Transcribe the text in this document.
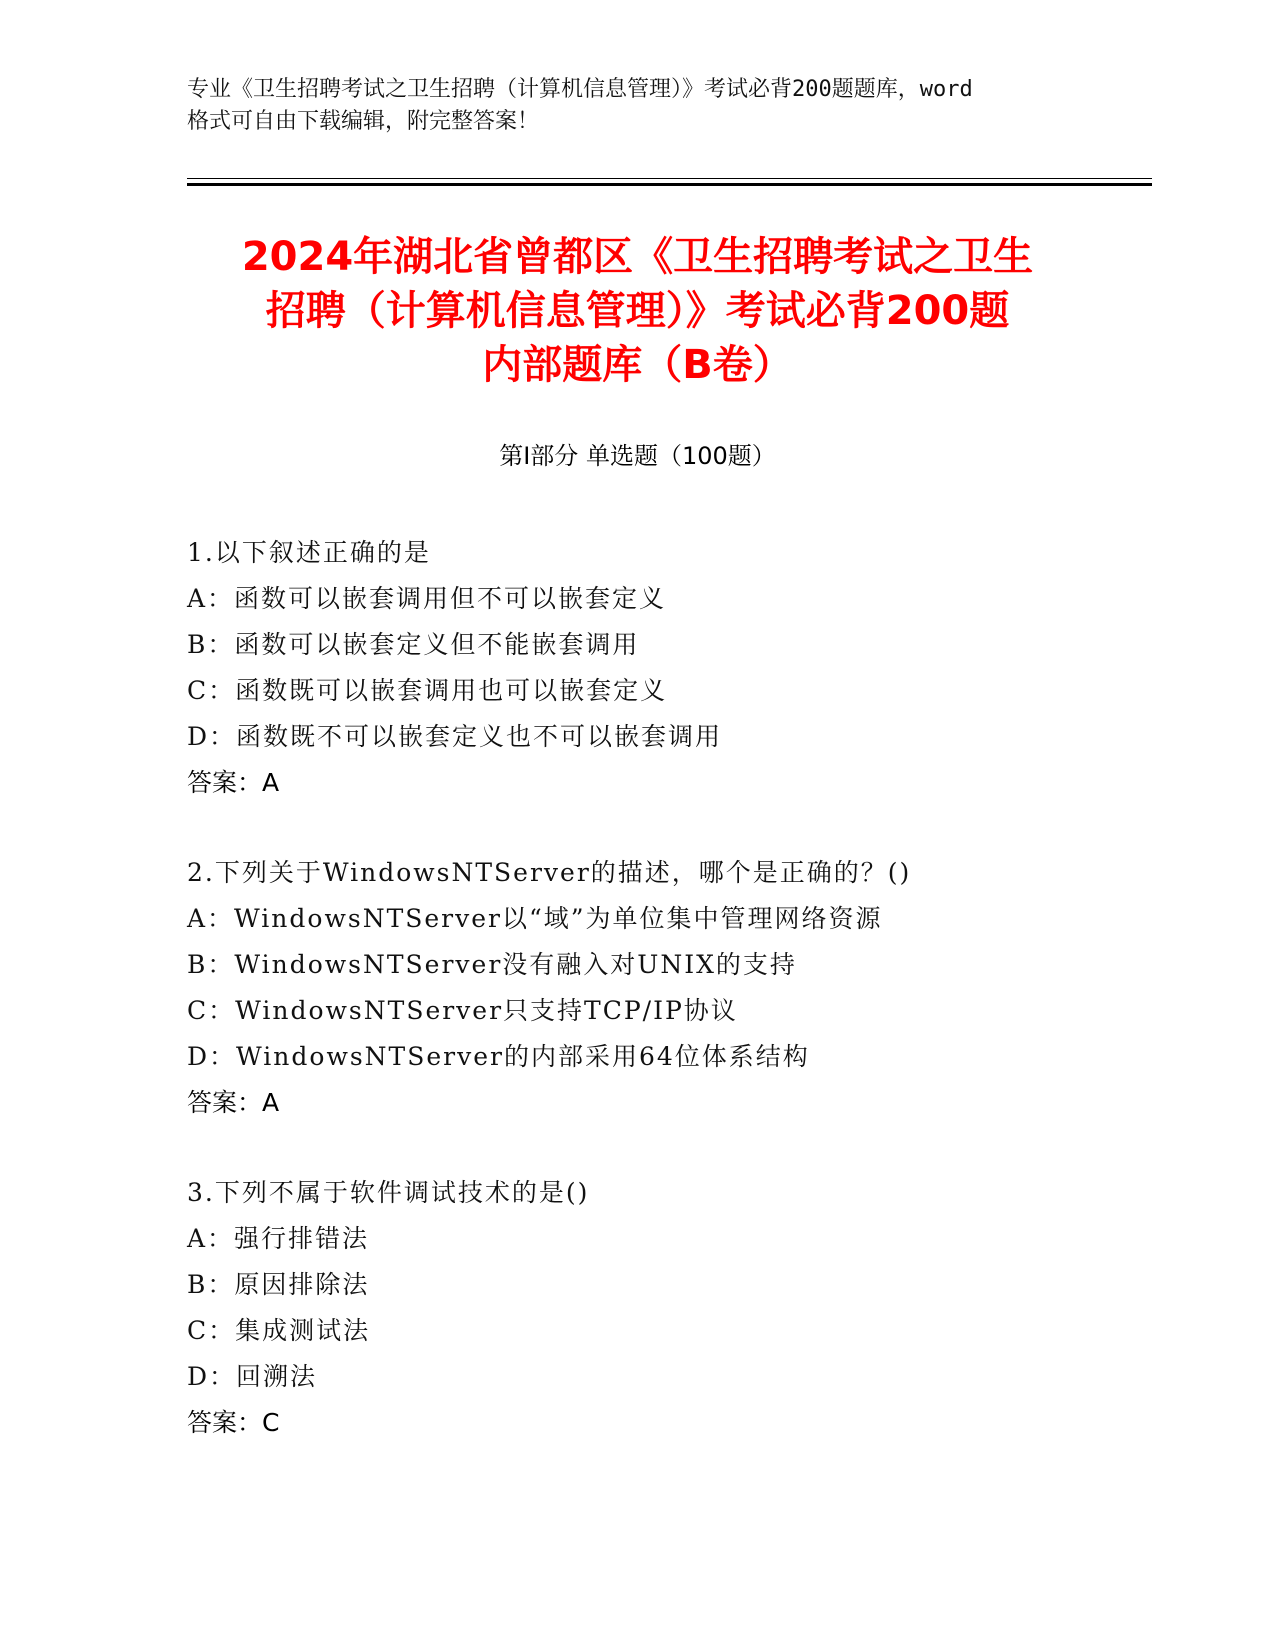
专业《卫生招聘考试之卫生招聘（计算机信息管理）》考试必背200题题库，word
格式可自由下载编辑，附完整答案！
2024年湖北省曾都区《卫生招聘考试之卫生
招聘（计算机信息管理）》考试必背200题
内部题库（B卷）
第Ⅰ部分 单选题（100题）
1.以下叙述正确的是
A：函数可以嵌套调用但不可以嵌套定义
B：函数可以嵌套定义但不能嵌套调用
C：函数既可以嵌套调用也可以嵌套定义
D：函数既不可以嵌套定义也不可以嵌套调用
答案：A
2.下列关于WindowsNTServer的描述，哪个是正确的？()
A：WindowsNTServer以“域”为单位集中管理网络资源
B：WindowsNTServer没有融入对UNIX的支持
C：WindowsNTServer只支持TCP/IP协议
D：WindowsNTServer的内部采用64位体系结构
答案：A
3.下列不属于软件调试技术的是()
A：强行排错法
B：原因排除法
C：集成测试法
D：回溯法
答案：C
